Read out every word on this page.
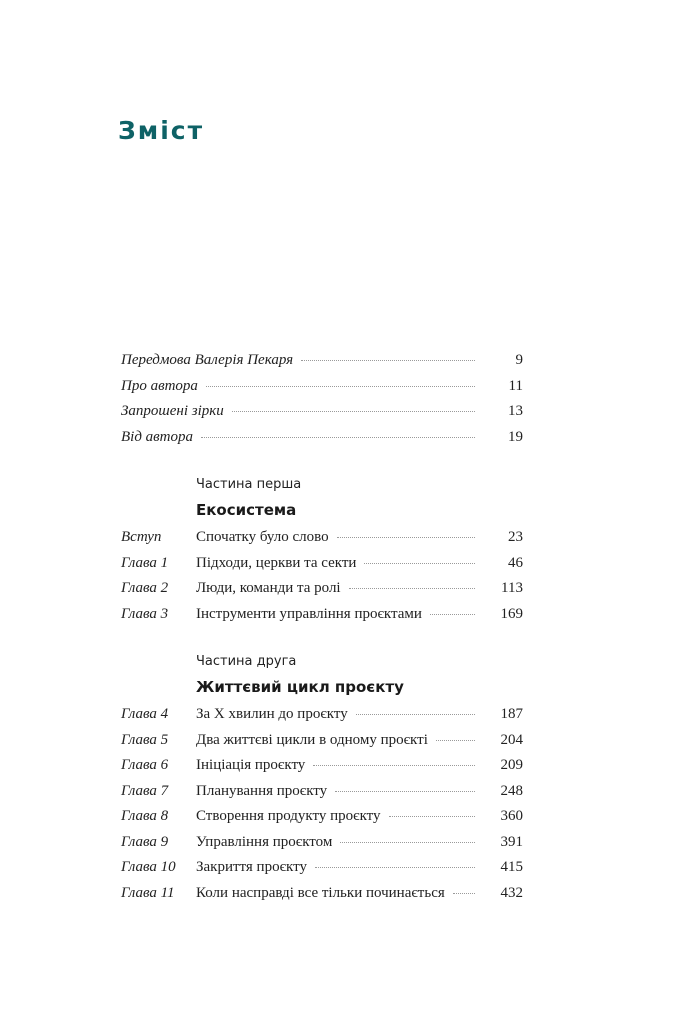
Зміст
Передмова Валерія Пекаря	9
Про автора	11
Запрошені зірки	13
Від автора	19
Частина перша
Екосистема
Вступ	Спочатку було слово	23
Глава 1	Підходи, церкви та секти	46
Глава 2	Люди, команди та ролі	113
Глава 3	Інструменти управління проєктами	169
Частина друга
Життєвий цикл проєкту
Глава 4	За Х хвилин до проєкту	187
Глава 5	Два життєві цикли в одному проєкті	204
Глава 6	Ініціація проєкту	209
Глава 7	Планування проєкту	248
Глава 8	Створення продукту проєкту	360
Глава 9	Управління проєктом	391
Глава 10	Закриття проєкту	415
Глава 11	Коли насправді все тільки починається	432
